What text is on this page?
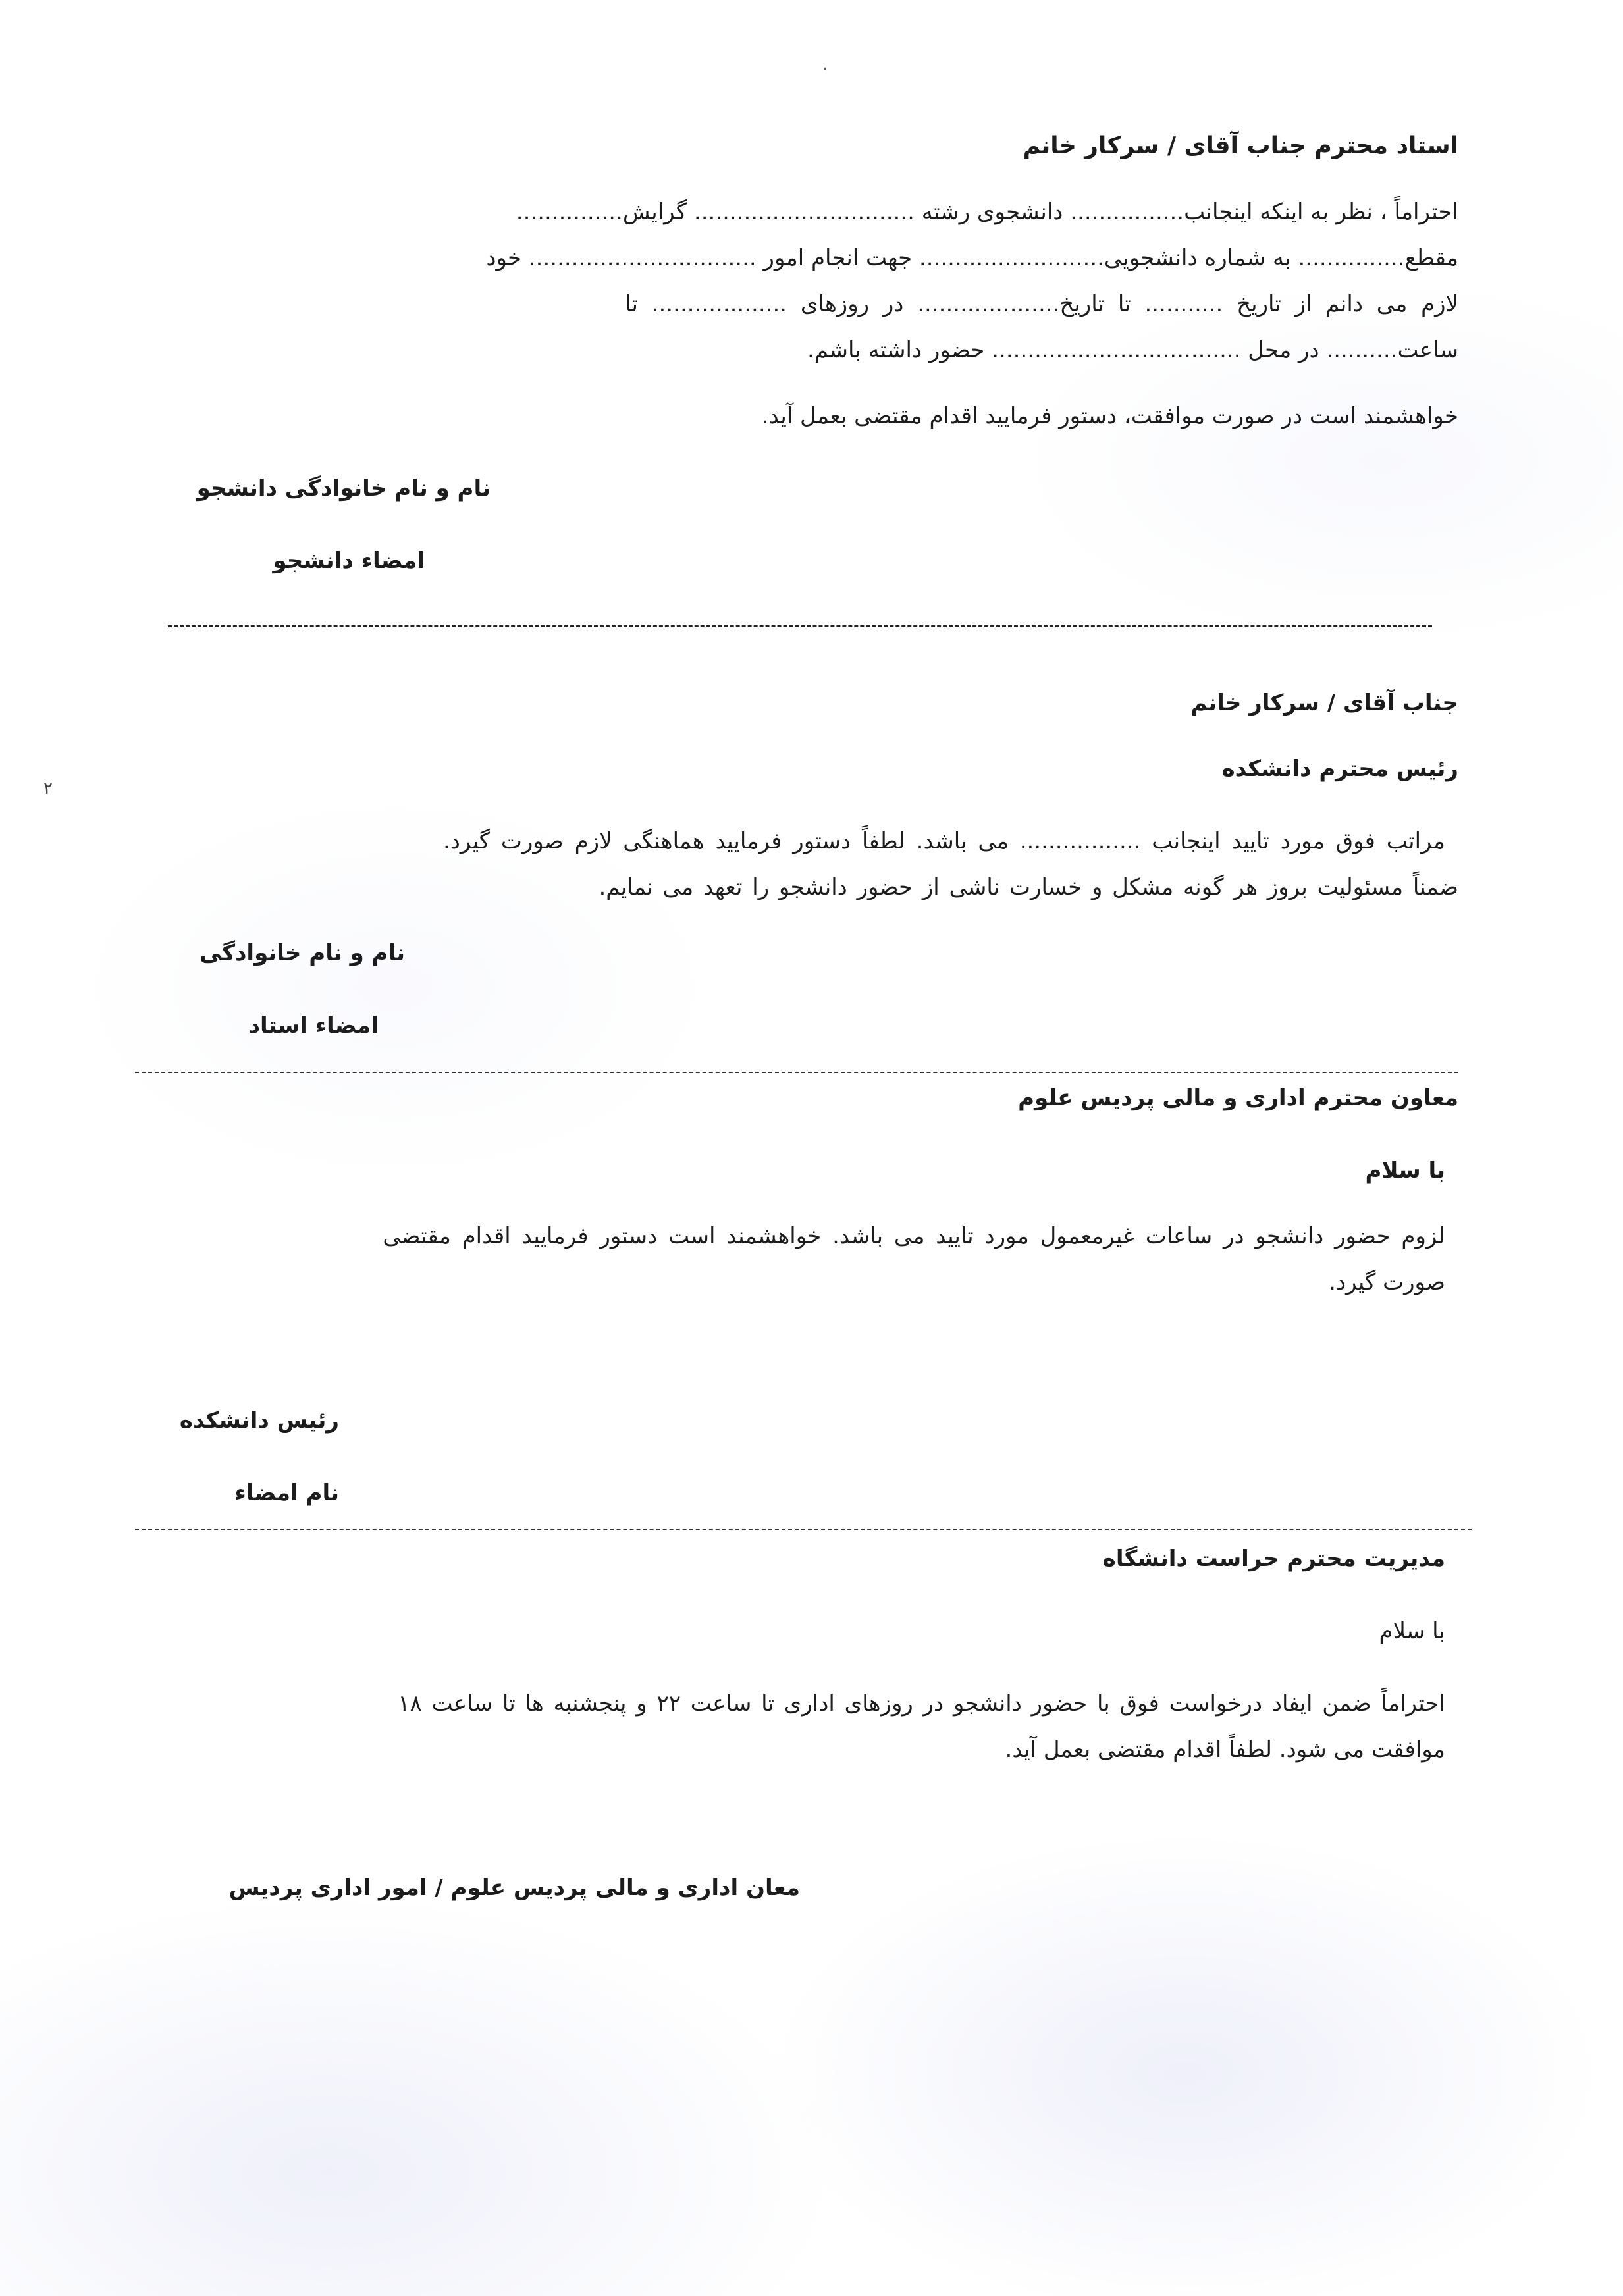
استاد محترم جناب آقای / سرکار خانم
احتراماً ، نظر به اینکه اینجانب................ دانشجوی رشته ............................... گرایش...............
مقطع............... به شماره دانشجویی.......................... جهت انجام امور ................................ خود
لازم می دانم از تاریخ ........... تا تاریخ.................... در روزهای ................... تا
ساعت.......... در محل ................................... حضور داشته باشم.
خواهشمند است در صورت موافقت، دستور فرمایید اقدام مقتضی بعمل آید.
نام و نام خانوادگی دانشجو
امضاء دانشجو
جناب آقای / سرکار خانم
رئیس محترم دانشکده
مراتب فوق مورد تایید اینجانب ................. می باشد. لطفاً دستور فرمایید هماهنگی لازم صورت گیرد.
ضمناً مسئولیت بروز هر گونه مشکل و خسارت ناشی از حضور دانشجو را تعهد می نمایم.
نام و نام خانوادگی
امضاء استاد
معاون محترم اداری و مالی پردیس علوم
با سلام
لزوم حضور دانشجو در ساعات غیرمعمول مورد تایید می باشد. خواهشمند است دستور فرمایید اقدام مقتضی
صورت گیرد.
رئیس دانشکده
نام امضاء
مدیریت محترم حراست دانشگاه
با سلام
احتراماً ضمن ایفاد درخواست فوق با حضور دانشجو در روزهای اداری تا ساعت ۲۲ و پنجشنبه ها تا ساعت ۱۸
موافقت می شود. لطفاً اقدام مقتضی بعمل آید.
معان اداری و مالی پردیس علوم / امور اداری پردیس
۲
·
